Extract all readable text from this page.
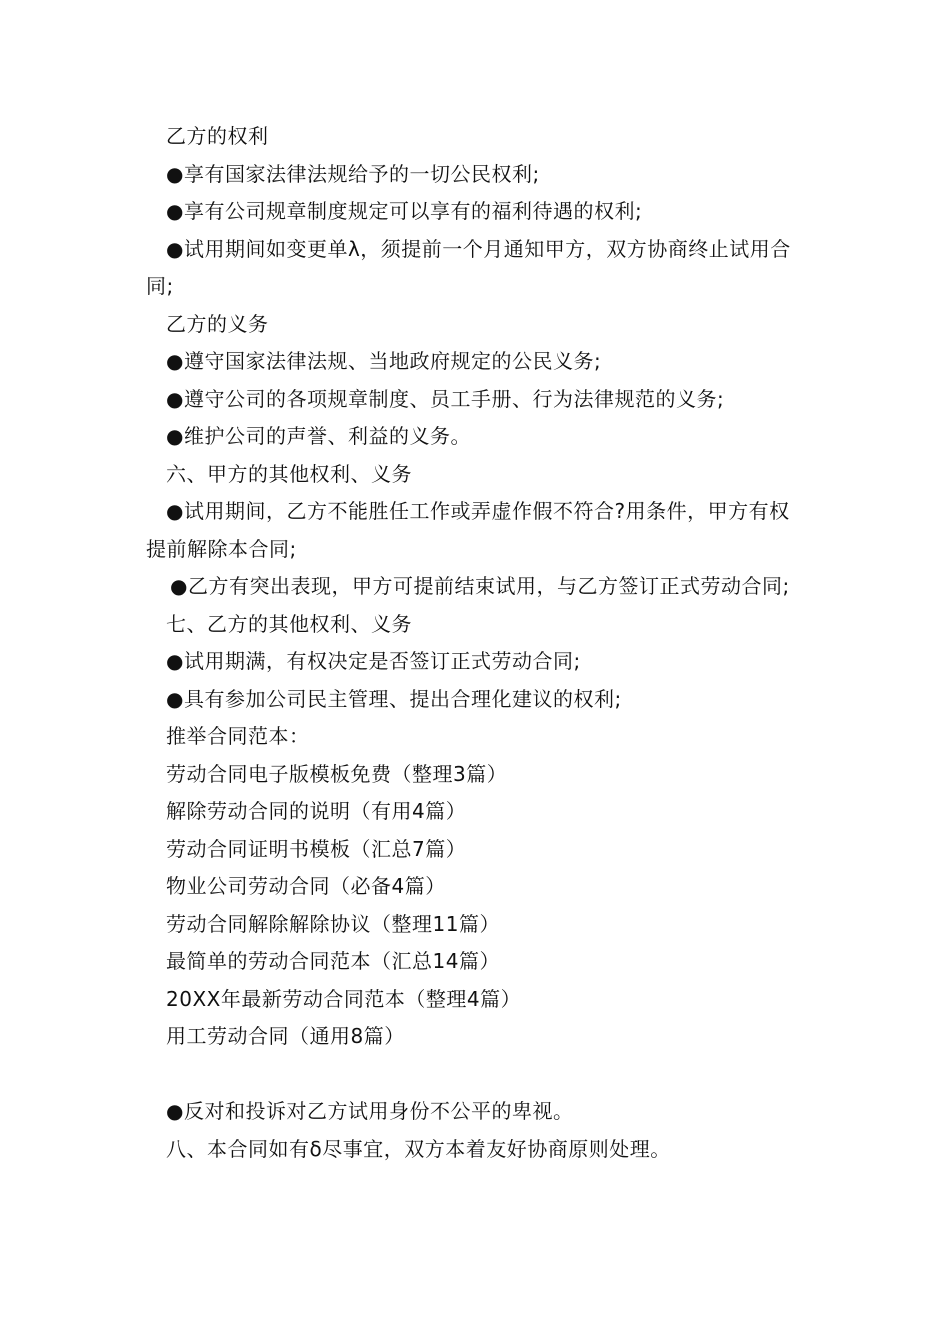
乙方的权利

●享有国家法律法规给予的一切公民权利;

●享有公司规章制度规定可以享有的福利待遇的权利;

●试用期间如变更单λ，须提前一个月通知甲方，双方协商终止试用合同;

乙方的义务

●遵守国家法律法规、当地政府规定的公民义务;

●遵守公司的各项规章制度、员工手册、行为法律规范的义务;

●维护公司的声誉、利益的义务。

六、甲方的其他权利、义务

●试用期间，乙方不能胜任工作或弄虚作假不符合?用条件，甲方有权提前解除本合同;

●乙方有突出表现，甲方可提前结束试用，与乙方签订正式劳动合同;

七、乙方的其他权利、义务

●试用期满，有权决定是否签订正式劳动合同;

●具有参加公司民主管理、提出合理化建议的权利;

推举合同范本：

劳动合同电子版模板免费（整理3篇）

解除劳动合同的说明（有用4篇）

劳动合同证明书模板（汇总7篇）

物业公司劳动合同（必备4篇）

劳动合同解除解除协议（整理11篇）

最简单的劳动合同范本（汇总14篇）

20XX年最新劳动合同范本（整理4篇）

用工劳动合同（通用8篇）

●反对和投诉对乙方试用身份不公平的卑视。

八、本合同如有δ尽事宜，双方本着友好协商原则处理。
